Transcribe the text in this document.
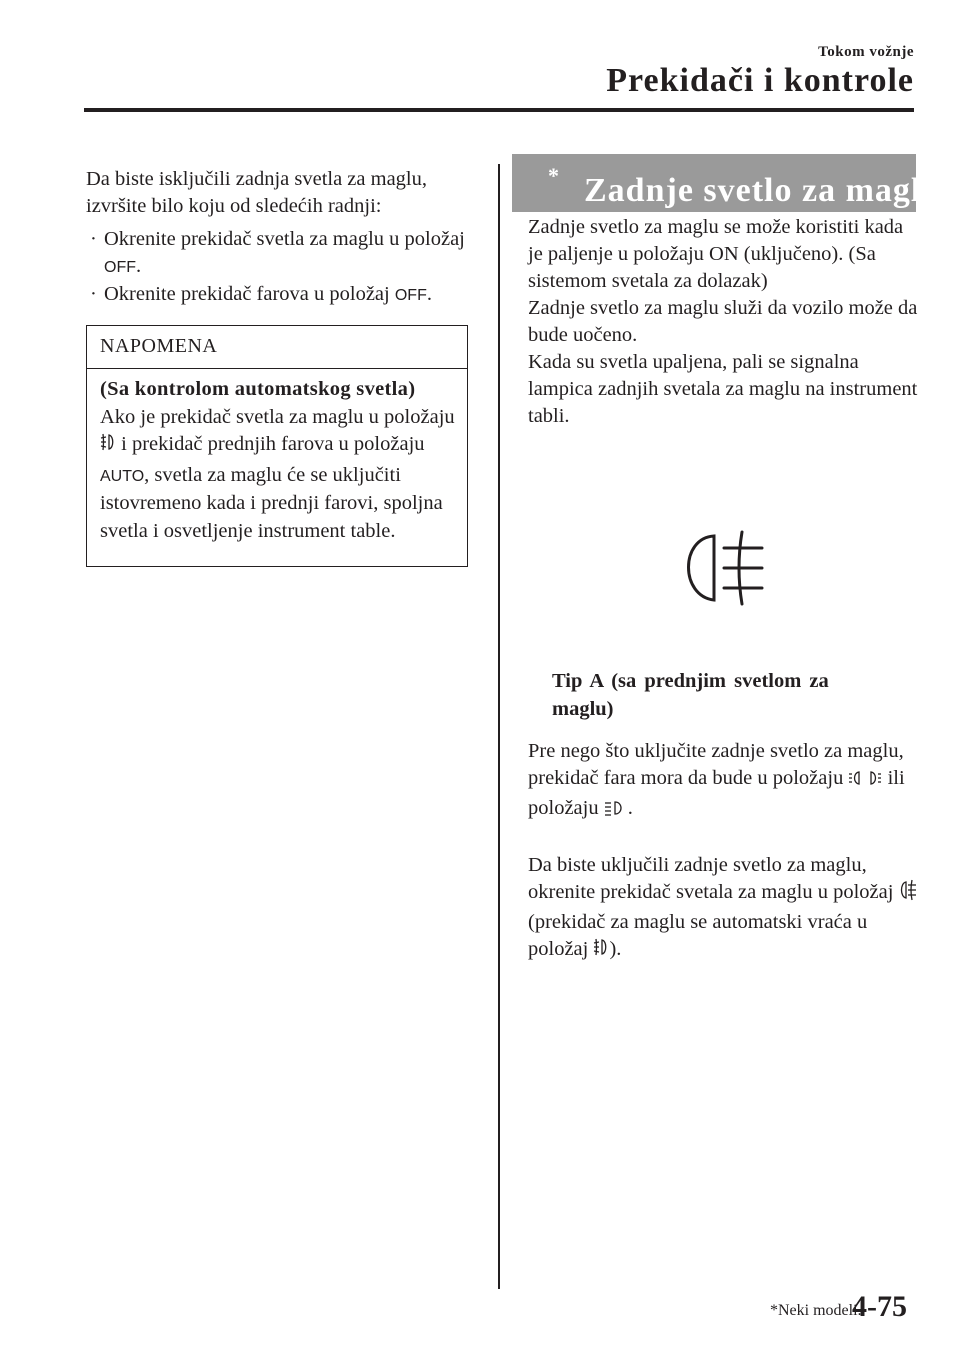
Tokom vožnje
Prekidači i kontrole

Da biste isključili zadnja svetla za maglu, izvršite bilo koju od sledećih radnji:

· Okrenite prekidač svetla za maglu u položaj OFF.
· Okrenite prekidač farova u položaj OFF.
NAPOMENA
(Sa kontrolom automatskog svetla)
Ako je prekidač svetla za maglu u položaju  i prekidač prednjih farova u položaju AUTO, svetla za maglu će se uključiti istovremeno kada i prednji farovi, spoljna svetla i osvetljenje instrument table.
Zadnje svetlo za maglu
*

Zadnje svetlo za maglu se može koristiti kada je paljenje u položaju ON (uključeno). (Sa sistemom svetala za dolazak)

Zadnje svetlo za maglu služi da vozilo može da bude uočeno.

Kada su svetla upaljena, pali se signalna lampica zadnjih svetala za maglu na instrument tabli.

Tip A (sa prednjim svetlom za maglu)

Pre nego što uključite zadnje svetlo za maglu, prekidač fara mora da bude u položaju ili položaju .

Da biste uključili zadnje svetlo za maglu, okrenite prekidač svetala za maglu u položaj  (prekidač za maglu se automatski vraća u položaj ).

*Neki modeli.
4-75
